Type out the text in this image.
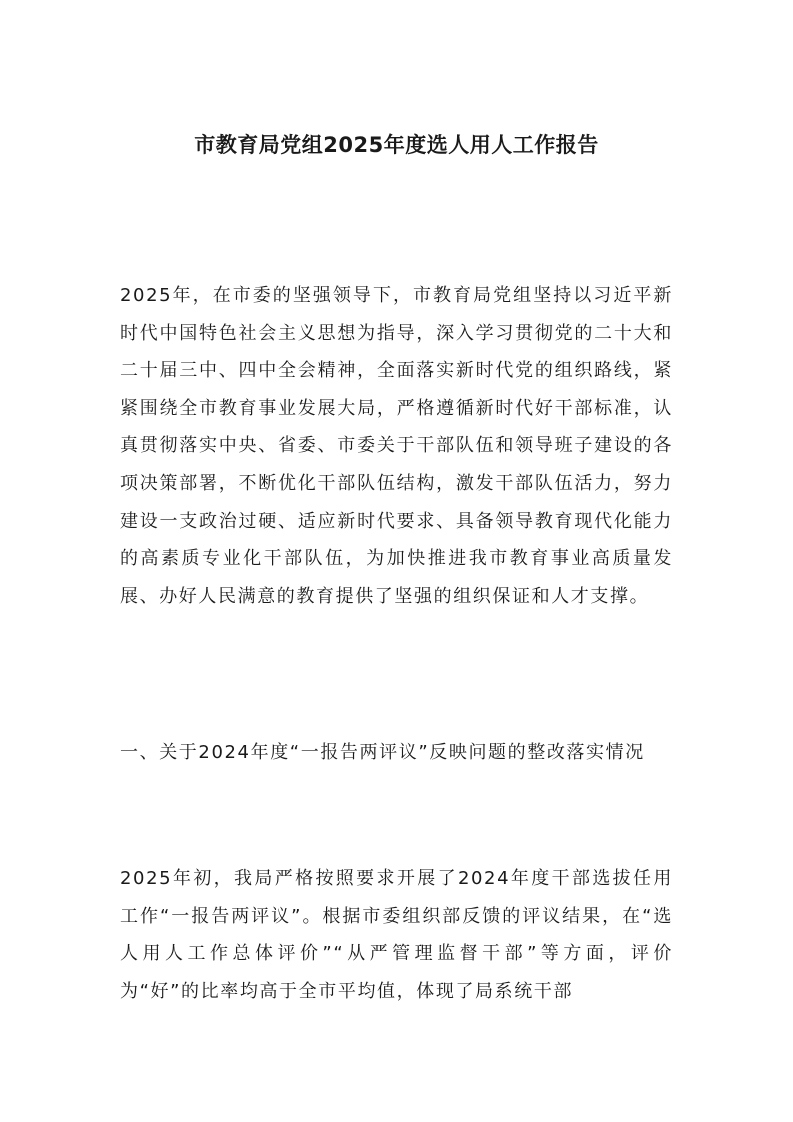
市教育局党组2025年度选人用人工作报告

2025年，在市委的坚强领导下，市教育局党组坚持以习近平新时代中国特色社会主义思想为指导，深入学习贯彻党的二十大和二十届三中、四中全会精神，全面落实新时代党的组织路线，紧紧围绕全市教育事业发展大局，严格遵循新时代好干部标准，认真贯彻落实中央、省委、市委关于干部队伍和领导班子建设的各项决策部署，不断优化干部队伍结构，激发干部队伍活力，努力建设一支政治过硬、适应新时代要求、具备领导教育现代化能力的高素质专业化干部队伍，为加快推进我市教育事业高质量发展、办好人民满意的教育提供了坚强的组织保证和人才支撑。

一、关于2024年度“一报告两评议”反映问题的整改落实情况

2025年初，我局严格按照要求开展了2024年度干部选拔任用工作“一报告两评议”。根据市委组织部反馈的评议结果，在“选人用人工作总体评价”“从严管理监督干部”等方面，评价为“好”的比率均高于全市平均值，体现了局系统干部
